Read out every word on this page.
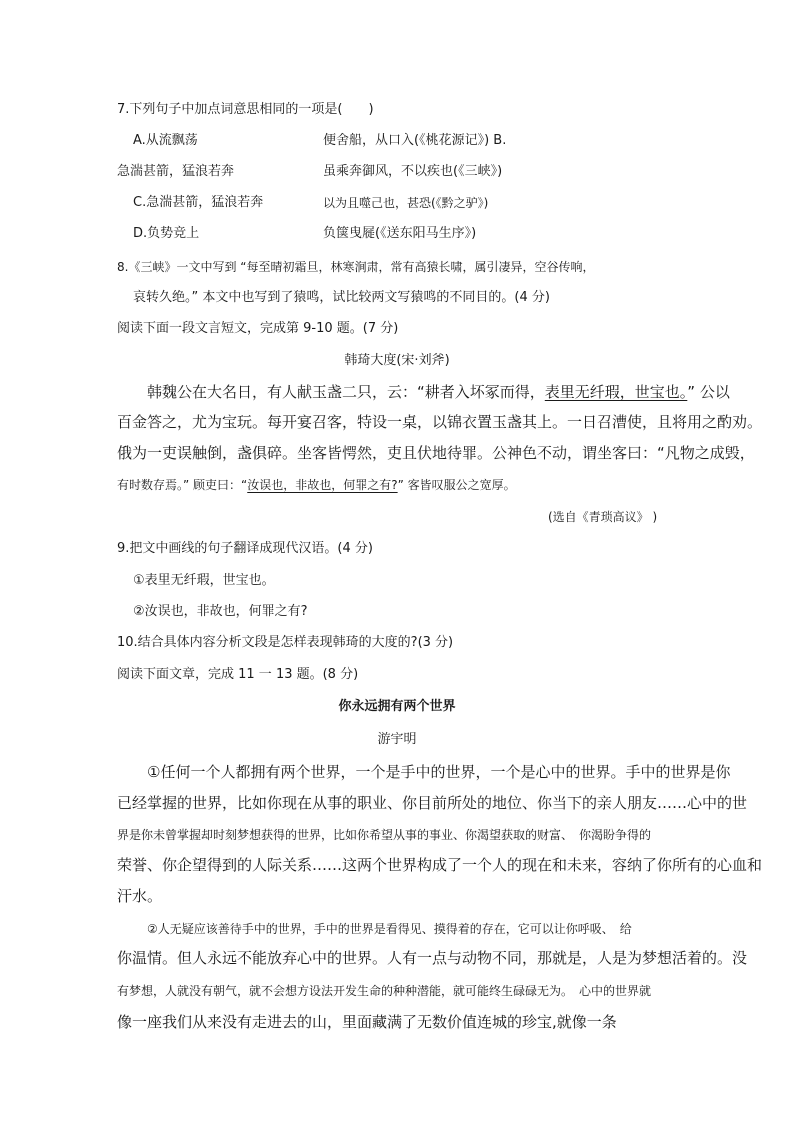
7.下列句子中加点词意思相同的一项是(　　)
A.从流飘荡	便舍船，从口入(《桃花源记》) B.
急湍甚箭，猛浪若奔	虽乘奔御风，不以疾也(《三峡》)
C.急湍甚箭，猛浪若奔	以为且噬己也，甚恐(《黔之驴》)
D.负势竞上	负箧曳屣(《送东阳马生序》)
8.《三峡》一文中写到 “每至晴初霜旦，林寒涧肃，常有高猿长啸，属引凄异，空谷传响，
哀转久绝。” 本文中也写到了猿鸣，试比较两文写猿鸣的不同目的。(4 分)
阅读下面一段文言短文，完成第 9-10 题。(7 分)
韩琦大度(宋·刘斧)
韩魏公在大名日，有人献玉盏二只，云：“耕者入坏冢而得，表里无纤瑕，世宝也。” 公以
百金答之，尤为宝玩。每开宴召客，特设一桌，以锦衣置玉盏其上。一日召漕使，且将用之酌劝。
俄为一吏误触倒，盏俱碎。坐客皆愕然，吏且伏地待罪。公神色不动，谓坐客曰：“凡物之成毁，
有时数存焉。” 顾吏曰：“汝误也，非故也，何罪之有?” 客皆叹服公之宽厚。
(选自《青琐高议》 )
9.把文中画线的句子翻译成现代汉语。(4 分)
①表里无纤瑕，世宝也。
②汝误也，非故也，何罪之有?
10.结合具体内容分析文段是怎样表现韩琦的大度的?(3 分)
阅读下面文章，完成 11 一 13 题。(8 分)
你永远拥有两个世界
游宇明
①任何一个人都拥有两个世界，一个是手中的世界，一个是心中的世界。手中的世界是你
已经掌握的世界，比如你现在从事的职业、你目前所处的地位、你当下的亲人朋友……心中的世
界是你未曾掌握却时刻梦想获得的世界，比如你希望从事的事业、你渴望获取的财富、　你渴盼争得的
荣誉、你企望得到的人际关系……这两个世界构成了一个人的现在和未来，容纳了你所有的心血和
汗水。
②人无疑应该善待手中的世界，手中的世界是看得见、摸得着的存在，它可以让你呼吸、　给
你温情。但人永远不能放弃心中的世界。人有一点与动物不同，那就是，人是为梦想活着的。没
有梦想，人就没有朝气，就不会想方设法开发生命的种种潜能，就可能终生碌碌无为。　心中的世界就
像一座我们从来没有走进去的山，里面藏满了无数价值连城的珍宝,就像一条
